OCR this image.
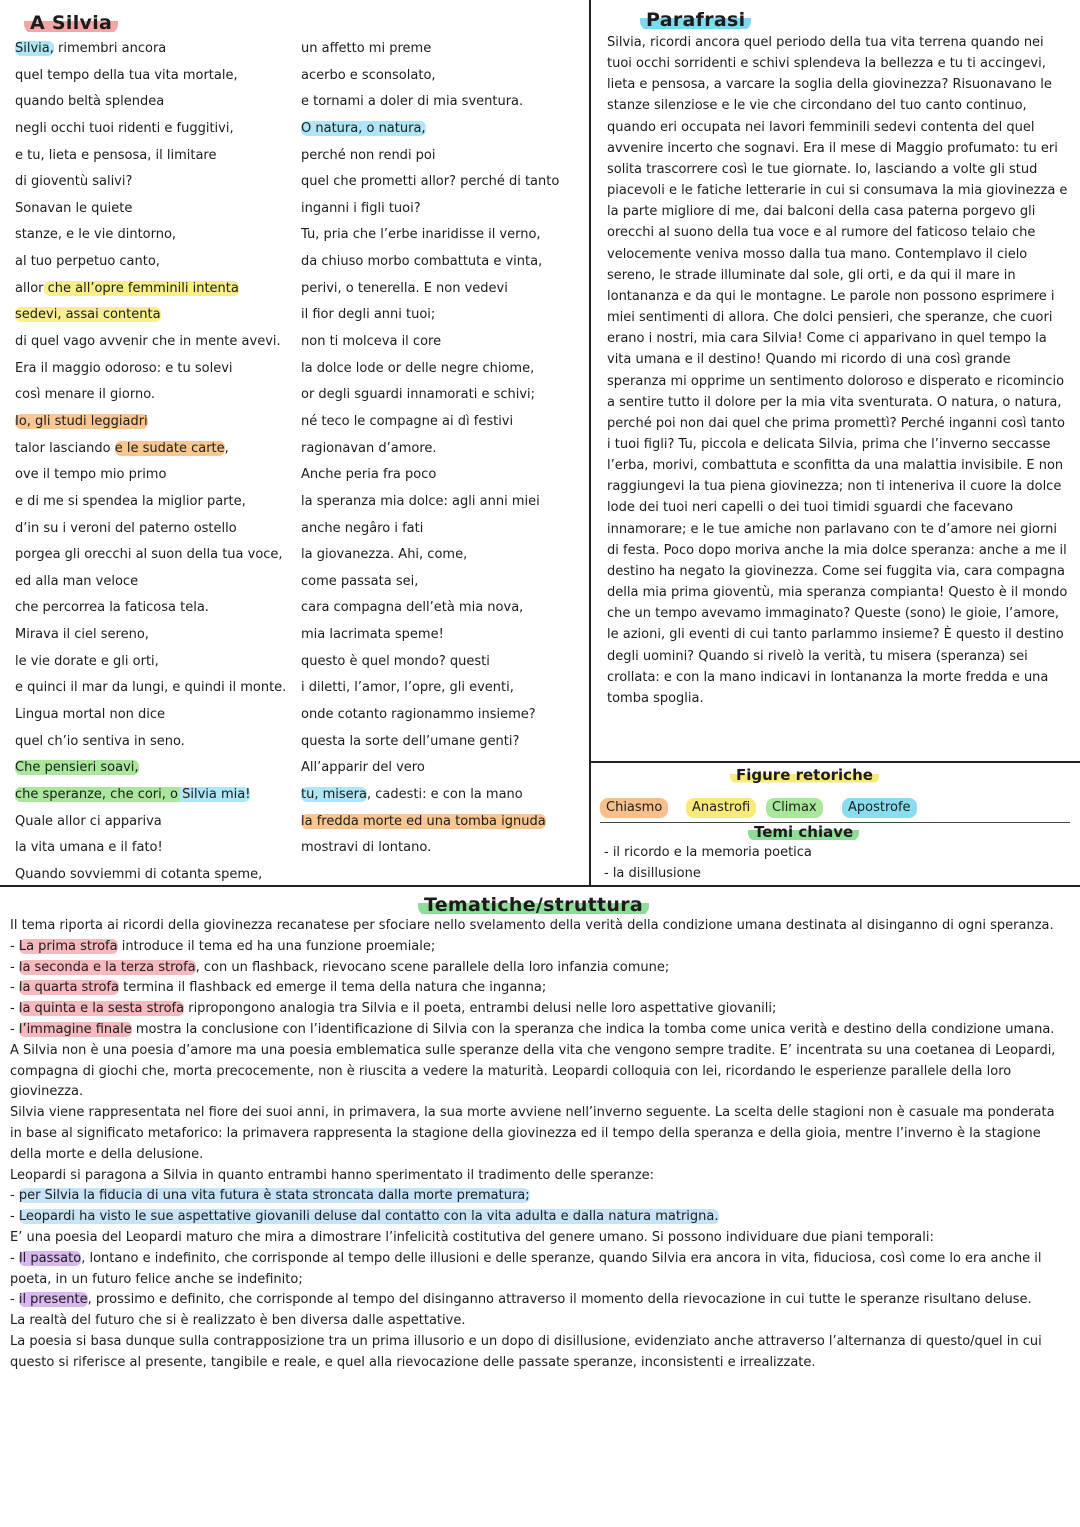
A Silvia
Silvia, rimembri ancora
quel tempo della tua vita mortale,
quando beltà splendea
negli occhi tuoi ridenti e fuggitivi,
e tu, lieta e pensosa, il limitare
di gioventù salivi?
Sonavan le quiete
stanze, e le vie dintorno,
al tuo perpetuo canto,
allor che all’opre femminili intenta
sedevi, assai contenta
di quel vago avvenir che in mente avevi.
Era il maggio odoroso: e tu solevi
così menare il giorno.
Io, gli studi leggiadri
talor lasciando e le sudate carte,
ove il tempo mio primo
e di me si spendea la miglior parte,
d’in su i veroni del paterno ostello
porgea gli orecchi al suon della tua voce,
ed alla man veloce
che percorrea la faticosa tela.
Mirava il ciel sereno,
le vie dorate e gli orti,
e quinci il mar da lungi, e quindi il monte.
Lingua mortal non dice
quel ch’io sentiva in seno.
Che pensieri soavi,
che speranze, che cori, o Silvia mia!
Quale allor ci appariva
la vita umana e il fato!
Quando sovviemmi di cotanta speme,
un affetto mi preme
acerbo e sconsolato,
e tornami a doler di mia sventura.
O natura, o natura,
perché non rendi poi
quel che prometti allor? perché di tanto
inganni i figli tuoi?
Tu, pria che l’erbe inaridisse il verno,
da chiuso morbo combattuta e vinta,
perivi, o tenerella. E non vedevi
il fior degli anni tuoi;
non ti molceva il core
la dolce lode or delle negre chiome,
or degli sguardi innamorati e schivi;
né teco le compagne ai dì festivi
ragionavan d’amore.
Anche peria fra poco
la speranza mia dolce: agli anni miei
anche negâro i fati
la giovanezza. Ahi, come,
come passata sei,
cara compagna dell’età mia nova,
mia lacrimata speme!
questo è quel mondo? questi
i diletti, l’amor, l’opre, gli eventi,
onde cotanto ragionammo insieme?
questa la sorte dell’umane genti?
All’apparir del vero
tu, misera, cadesti: e con la mano
la fredda morte ed una tomba ignuda
mostravi di lontano.
Parafrasi

Silvia, ricordi ancora quel periodo della tua vita terrena quando nei tuoi occhi sorridenti e schivi splendeva la bellezza e tu ti accingevi, lieta e pensosa, a varcare la soglia della giovinezza? Risuonavano le stanze silenziose e le vie che circondano del tuo canto continuo, quando eri occupata nei lavori femminili sedevi contenta del quel avvenire incerto che sognavi. Era il mese di Maggio profumato: tu eri solita trascorrere così le tue giornate. Io, lasciando a volte gli stud piacevoli e le fatiche letterarie in cui si consumava la mia giovinezza e la parte migliore di me, dai balconi della casa paterna porgevo gli orecchi al suono della tua voce e al rumore del faticoso telaio che velocemente veniva mosso dalla tua mano. Contemplavo il cielo sereno, le strade illuminate dal sole, gli orti, e da qui il mare in lontananza e da qui le montagne. Le parole non possono esprimere i miei sentimenti di allora. Che dolci pensieri, che speranze, che cuori erano i nostri, mia cara Silvia! Come ci apparivano in quel tempo la vita umana e il destino! Quando mi ricordo di una così grande speranza mi opprime un sentimento doloroso e disperato e ricomincio a sentire tutto il dolore per la mia vita sventurata. O natura, o natura, perché poi non dai quel che prima promettì? Perché inganni così tanto i tuoi figli? Tu, piccola e delicata Silvia, prima che l’inverno seccasse l’erba, morivi, combattuta e sconfitta da una malattia invisibile. E non raggiungevi la tua piena giovinezza; non ti inteneriva il cuore la dolce lode dei tuoi neri capelli o dei tuoi timidi sguardi che facevano innamorare; e le tue amiche non parlavano con te d’amore nei giorni di festa. Poco dopo moriva anche la mia dolce speranza: anche a me il destino ha negato la giovinezza. Come sei fuggita via, cara compagna della mia prima gioventù, mia speranza compianta! Questo è il mondo che un tempo avevamo immaginato? Queste (sono) le gioie, l’amore, le azioni, gli eventi di cui tanto parlammo insieme? È questo il destino degli uomini? Quando si rivelò la verità, tu misera (speranza) sei crollata: e con la mano indicavi in lontananza la morte fredda e una tomba spoglia.

Figure retoriche
Chiasmo	Anastrofi	Climax	Apostrofe
Temi chiave
- il ricordo e la memoria poetica
- la disillusione
Tematiche/struttura

Il tema riporta ai ricordi della giovinezza recanatese per sfociare nello svelamento della verità della condizione umana destinata al disinganno di ogni speranza.

- La prima strofa introduce il tema ed ha una funzione proemiale;

- la seconda e la terza strofa, con un flashback, rievocano scene parallele della loro infanzia comune;

- la quarta strofa termina il flashback ed emerge il tema della natura che inganna;

- la quinta e la sesta strofa ripropongono analogia tra Silvia e il poeta, entrambi delusi nelle loro aspettative giovanili;

- l’immagine finale mostra la conclusione con l’identificazione di Silvia con la speranza che indica la tomba come unica verità e destino della condizione umana.

A Silvia non è una poesia d’amore ma una poesia emblematica sulle speranze della vita che vengono sempre tradite. E’ incentrata su una coetanea di Leopardi, compagna di giochi che, morta precocemente, non è riuscita a vedere la maturità. Leopardi colloquia con lei, ricordando le esperienze parallele della loro giovinezza.

Silvia viene rappresentata nel fiore dei suoi anni, in primavera, la sua morte avviene nell’inverno seguente. La scelta delle stagioni non è casuale ma ponderata in base al significato metaforico: la primavera rappresenta la stagione della giovinezza ed il tempo della speranza e della gioia, mentre l’inverno è la stagione della morte e della delusione.

Leopardi si paragona a Silvia in quanto entrambi hanno sperimentato il tradimento delle speranze:

- per Silvia la fiducia di una vita futura è stata stroncata dalla morte prematura;

- Leopardi ha visto le sue aspettative giovanili deluse dal contatto con la vita adulta e dalla natura matrigna.

E’ una poesia del Leopardi maturo che mira a dimostrare l’infelicità costitutiva del genere umano. Si possono individuare due piani temporali:

- Il passato, lontano e indefinito, che corrisponde al tempo delle illusioni e delle speranze, quando Silvia era ancora in vita, fiduciosa, così come lo era anche il poeta, in un futuro felice anche se indefinito;

- il presente, prossimo e definito, che corrisponde al tempo del disinganno attraverso il momento della rievocazione in cui tutte le speranze risultano deluse.

La realtà del futuro che si è realizzato è ben diversa dalle aspettative.

La poesia si basa dunque sulla contrapposizione tra un prima illusorio e un dopo di disillusione, evidenziato anche attraverso l’alternanza di questo/quel in cui questo si riferisce al presente, tangibile e reale, e quel alla rievocazione delle passate speranze, inconsistenti e irrealizzate.
